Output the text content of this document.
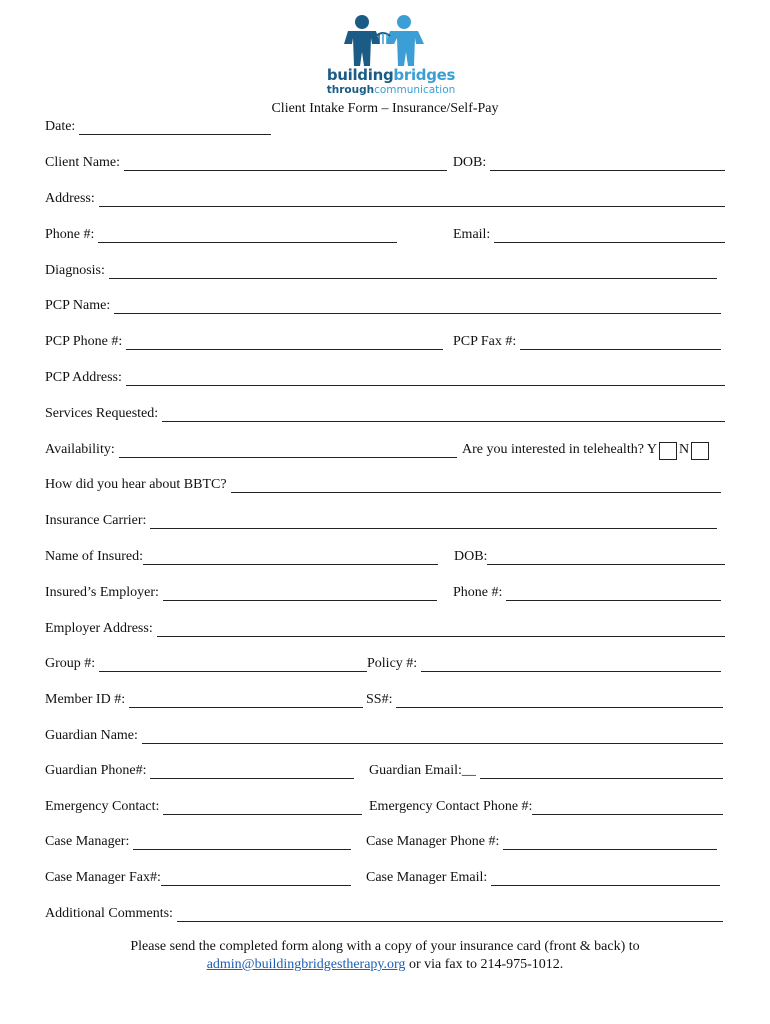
buildingbridges
throughcommunication
Client Intake Form – Insurance/Self-Pay
Date:
Client Name:	DOB:
Address:
Phone #:	Email:
Diagnosis:
PCP Name:
PCP Phone #:	PCP Fax #:
PCP Address:
Services Requested:
Availability:	Are you interested in telehealth? Y N
How did you hear about BBTC?
Insurance Carrier:
Name of Insured:	DOB:
Insured’s Employer:	Phone #:
Employer Address:
Group #:	Policy #:
Member ID #:	SS#:
Guardian Name:
Guardian Phone#:	Guardian Email:__
Emergency Contact:	Emergency Contact Phone #:
Case Manager:	Case Manager Phone #:
Case Manager Fax#:	Case Manager Email:
Additional Comments:
Please send the completed form along with a copy of your insurance card (front & back) to
admin@buildingbridgestherapy.org or via fax to 214-975-1012.
